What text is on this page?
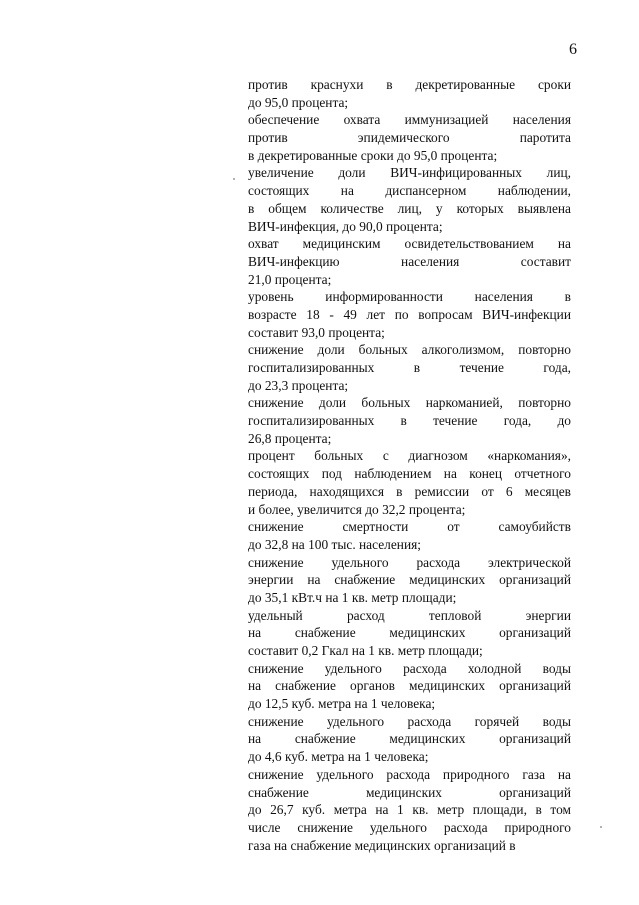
6
против краснухи в декретированные сроки
до 95,0 процента;
обеспечение охвата иммунизацией населения
против эпидемического паротита
в декретированные сроки до 95,0 процента;
увеличение доли ВИЧ-инфицированных лиц,
состоящих на диспансерном наблюдении,
в общем количестве лиц, у которых выявлена
ВИЧ-инфекция, до 90,0 процента;
охват медицинским освидетельствованием на
ВИЧ-инфекцию населения составит
21,0 процента;
уровень информированности населения в
возрасте 18 - 49 лет по вопросам ВИЧ-инфекции
составит 93,0 процента;
снижение доли больных алкоголизмом, повторно
госпитализированных в течение года,
до 23,3 процента;
снижение доли больных наркоманией, повторно
госпитализированных в течение года, до
26,8 процента;
процент больных с диагнозом «наркомания»,
состоящих под наблюдением на конец отчетного
периода, находящихся в ремиссии от 6 месяцев
и более, увеличится до 32,2 процента;
снижение смертности от самоубийств
до 32,8 на 100 тыс. населения;
снижение удельного расхода электрической
энергии на снабжение медицинских организаций
до 35,1 кВт.ч на 1 кв. метр площади;
удельный расход тепловой энергии
на снабжение медицинских организаций
составит 0,2 Гкал на 1 кв. метр площади;
снижение удельного расхода холодной воды
на снабжение органов медицинских организаций
до 12,5 куб. метра на 1 человека;
снижение удельного расхода горячей воды
на снабжение медицинских организаций
до 4,6 куб. метра на 1 человека;
снижение удельного расхода природного газа на
снабжение медицинских организаций
до 26,7 куб. метра на 1 кв. метр площади, в том
числе снижение удельного расхода природного
газа на снабжение медицинских организаций в
